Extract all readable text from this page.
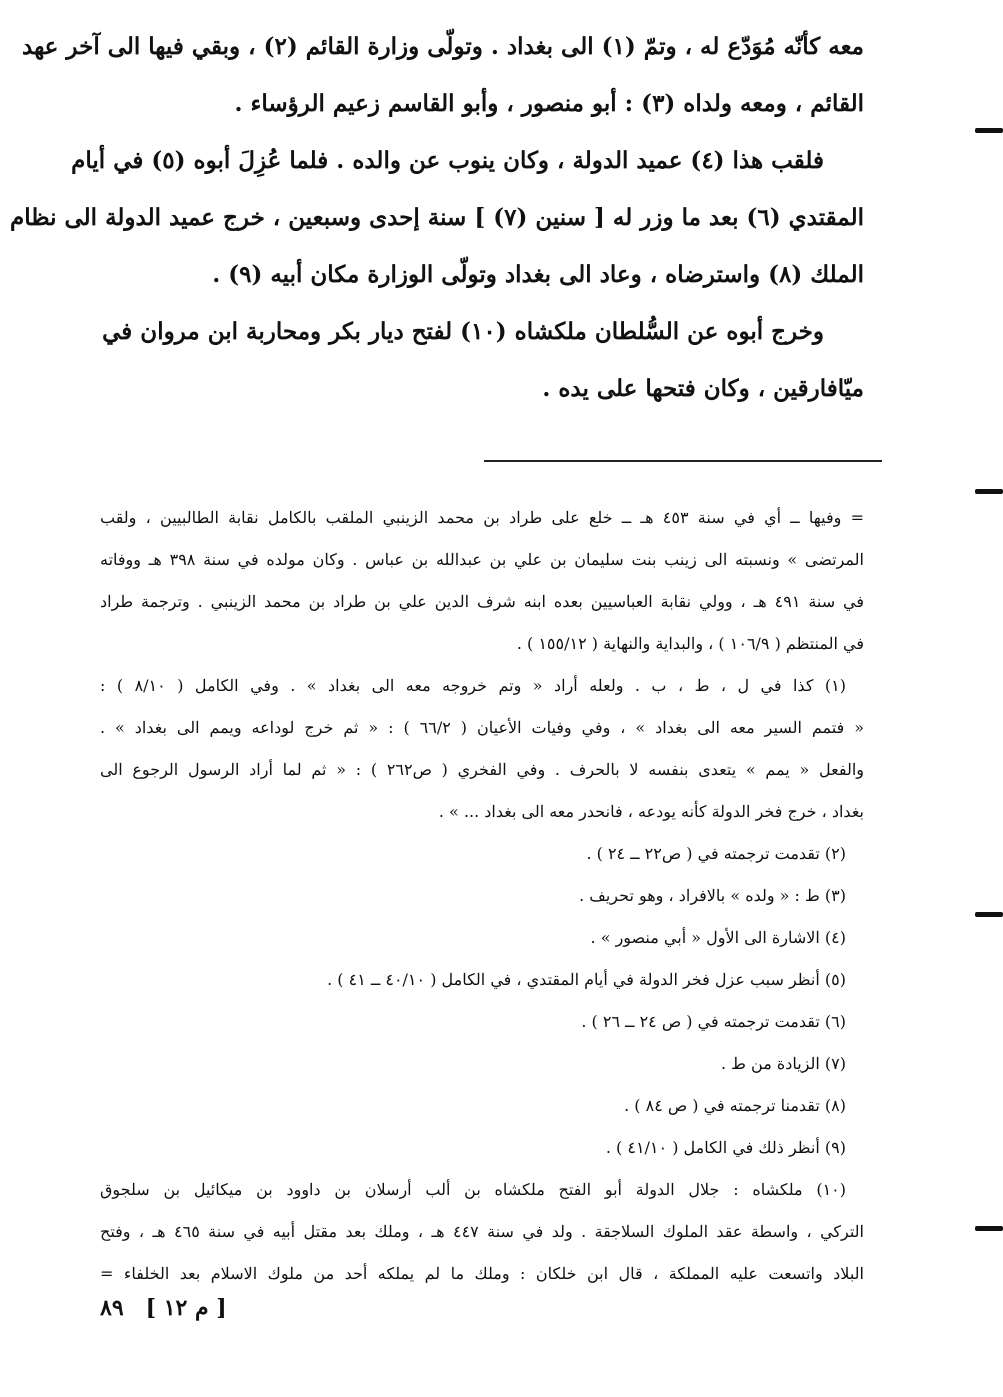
معه كأنّه مُوَدّع له ، وتمّ (١) الى بغداد . وتولّى وزارة القائم (٢) ، وبقي فيها الى آخر عهد
القائم ، ومعه ولداه (٣) : أبو منصور ، وأبو القاسم زعيم الرؤساء .
فلقب هذا (٤) عميد الدولة ، وكان ينوب عن والده . فلما عُزِلَ أبوه (٥) في أيام
المقتدي (٦) بعد ما وزر له [ سنين (٧) ] سنة إحدى وسبعين ، خرج عميد الدولة الى نظام
الملك (٨) واسترضاه ، وعاد الى بغداد وتولّى الوزارة مكان أبيه (٩) .
وخرج أبوه عن السُّلطان ملكشاه (١٠) لفتح ديار بكر ومحاربة ابن مروان في
ميّافارقين ، وكان فتحها على يده .
= وفيها ــ أي في سنة ٤٥٣ هـ ــ خلع على طراد بن محمد الزينبي الملقب بالكامل نقابة الطالبيين ، ولقب
المرتضى » ونسبته الى زينب بنت سليمان بن علي بن عبدالله بن عباس . وكان مولده في سنة ٣٩٨ هـ ووفاته
في سنة ٤٩١ هـ ، وولي نقابة العباسيين بعده ابنه شرف الدين علي بن طراد بن محمد الزينبي . وترجمة طراد
في المنتظم ( ١٠٦/٩ ) ، والبداية والنهاية ( ١٥٥/١٢ ) .
(١) كذا في ل ، ط ، ب . ولعله أراد « وتم خروجه معه الى بغداد » . وفي الكامل ( ٨/١٠ ) :
« فتمم السير معه الى بغداد » ، وفي وفيات الأعيان ( ٦٦/٢ ) : « ثم خرج لوداعه ويمم الى بغداد » .
والفعل « يمم » يتعدى بنفسه لا بالحرف . وفي الفخري ( ص٢٦٢ ) : « ثم لما أراد الرسول الرجوع الى
بغداد ، خرج فخر الدولة كأنه يودعه ، فانحدر معه الى بغداد ... » .
(٢) تقدمت ترجمته في ( ص٢٢ ــ ٢٤ ) .
(٣) ط : « ولده » بالافراد ، وهو تحريف .
(٤) الاشارة الى الأول « أبي منصور » .
(٥) أنظر سبب عزل فخر الدولة في أيام المقتدي ، في الكامل ( ٤٠/١٠ ــ ٤١ ) .
(٦) تقدمت ترجمته في ( ص ٢٤ ــ ٢٦ ) .
(٧) الزيادة من ط .
(٨) تقدمنا ترجمته في ( ص ٨٤ ) .
(٩) أنظر ذلك في الكامل ( ٤١/١٠ ) .
(١٠) ملكشاه : جلال الدولة أبو الفتح ملكشاه بن ألب أرسلان بن داوود بن ميكائيل بن سلجوق
التركي ، واسطة عقد الملوك السلاجقة . ولد في سنة ٤٤٧ هـ ، وملك بعد مقتل أبيه في سنة ٤٦٥ هـ ، وفتح
البلاد واتسعت عليه المملكة ، قال ابن خلكان : وملك ما لم يملكه أحد من ملوك الاسلام بعد الخلفاء =
٨٩ [ م ١٢ ]
